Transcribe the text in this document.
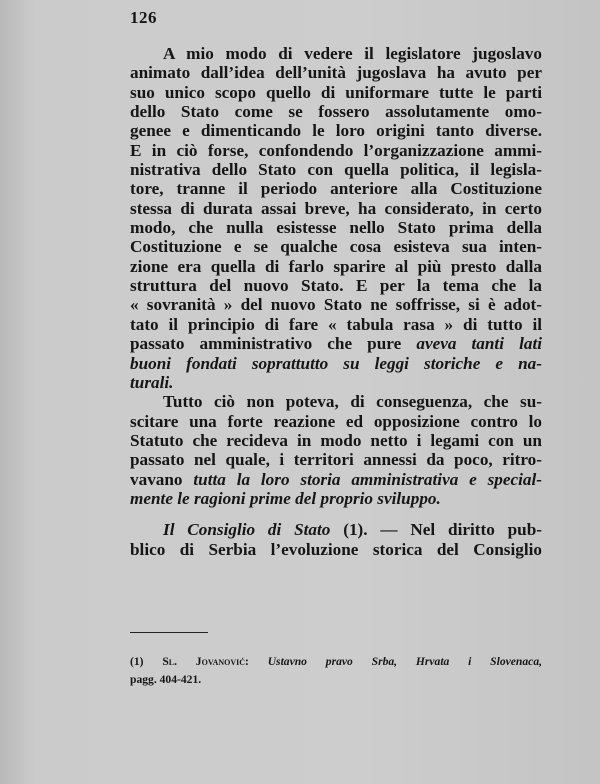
126
A mio modo di vedere il legislatore jugoslavo
animato dall’idea dell’unità jugoslava ha avuto per
suo unico scopo quello di uniformare tutte le parti
dello Stato come se fossero assolutamente omo-
genee e dimenticando le loro origini tanto diverse.
E in ciò forse, confondendo l’organizzazione ammi-
nistrativa dello Stato con quella politica, il legisla-
tore, tranne il periodo anteriore alla Costituzione
stessa di durata assai breve, ha considerato, in certo
modo, che nulla esistesse nello Stato prima della
Costituzione e se qualche cosa esisteva sua inten-
zione era quella di farlo sparire al più presto dalla
struttura del nuovo Stato. E per la tema che la
« sovranità » del nuovo Stato ne soffrisse, si è adot-
tato il principio di fare « tabula rasa » di tutto il
passato amministrativo che pure aveva tanti lati
buoni fondati soprattutto su leggi storiche e na-
turali.
Tutto ciò non poteva, di conseguenza, che su-
scitare una forte reazione ed opposizione contro lo
Statuto che recideva in modo netto i legami con un
passato nel quale, i territori annessi da poco, ritro-
vavano tutta la loro storia amministrativa e special-
mente le ragioni prime del proprio sviluppo.
Il Consiglio di Stato (1). — Nel diritto pub-
blico di Serbia l’evoluzione storica del Consiglio
(1) Sl. Jovanović: Ustavno pravo Srba, Hrvata i Slovenaca,
pagg. 404-421.
